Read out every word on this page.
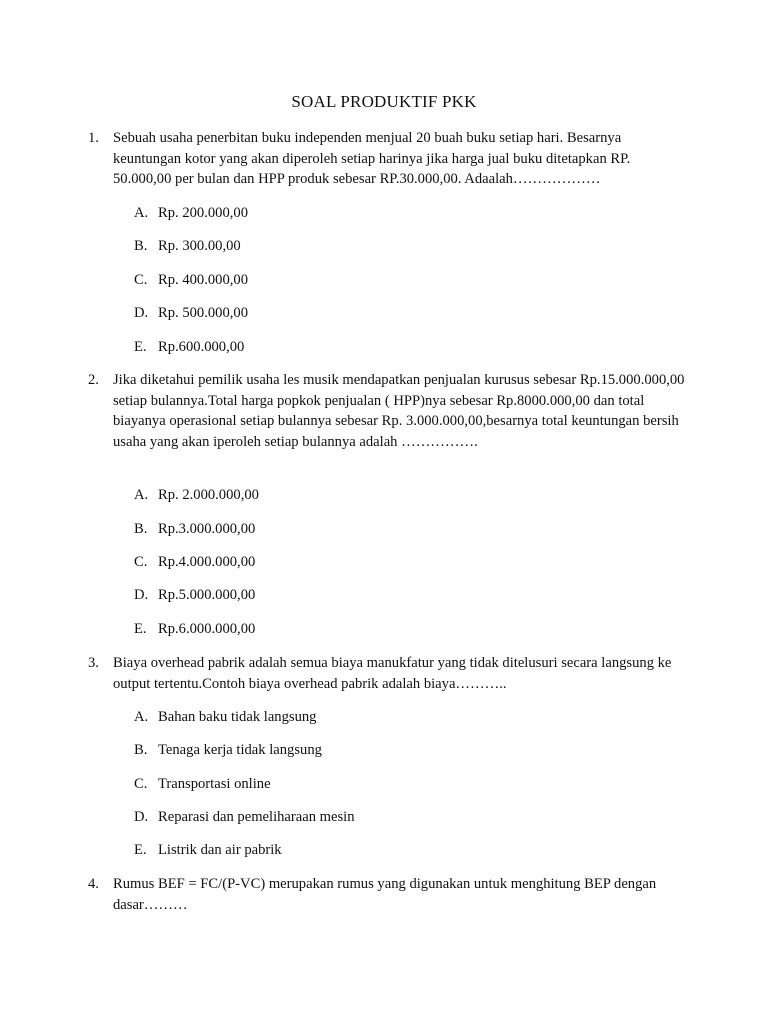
SOAL PRODUKTIF PKK
1. Sebuah usaha penerbitan buku independen menjual 20 buah buku setiap hari. Besarnya keuntungan kotor yang akan diperoleh setiap harinya jika harga jual buku ditetapkan RP. 50.000,00 per bulan dan HPP produk sebesar RP.30.000,00. Adaalah………………
A. Rp. 200.000,00
B. Rp. 300.00,00
C. Rp. 400.000,00
D. Rp. 500.000,00
E. Rp.600.000,00
2. Jika diketahui pemilik usaha les musik mendapatkan penjualan kurusus sebesar Rp.15.000.000,00 setiap bulannya.Total harga popkok penjualan ( HPP)nya sebesar Rp.8000.000,00 dan total biayanya operasional setiap bulannya sebesar Rp. 3.000.000,00,besarnya total keuntungan bersih usaha yang akan iperoleh setiap bulannya adalah …………….
A. Rp. 2.000.000,00
B. Rp.3.000.000,00
C. Rp.4.000.000,00
D. Rp.5.000.000,00
E. Rp.6.000.000,00
3. Biaya overhead pabrik adalah semua biaya manukfatur yang tidak ditelusuri secara langsung ke output tertentu.Contoh biaya overhead pabrik adalah biaya………..
A. Bahan baku tidak langsung
B. Tenaga kerja tidak langsung
C. Transportasi online
D. Reparasi dan pemeliharaan mesin
E. Listrik dan air pabrik
4. Rumus BEF = FC/(P-VC) merupakan rumus yang digunakan untuk menghitung BEP dengan dasar………
